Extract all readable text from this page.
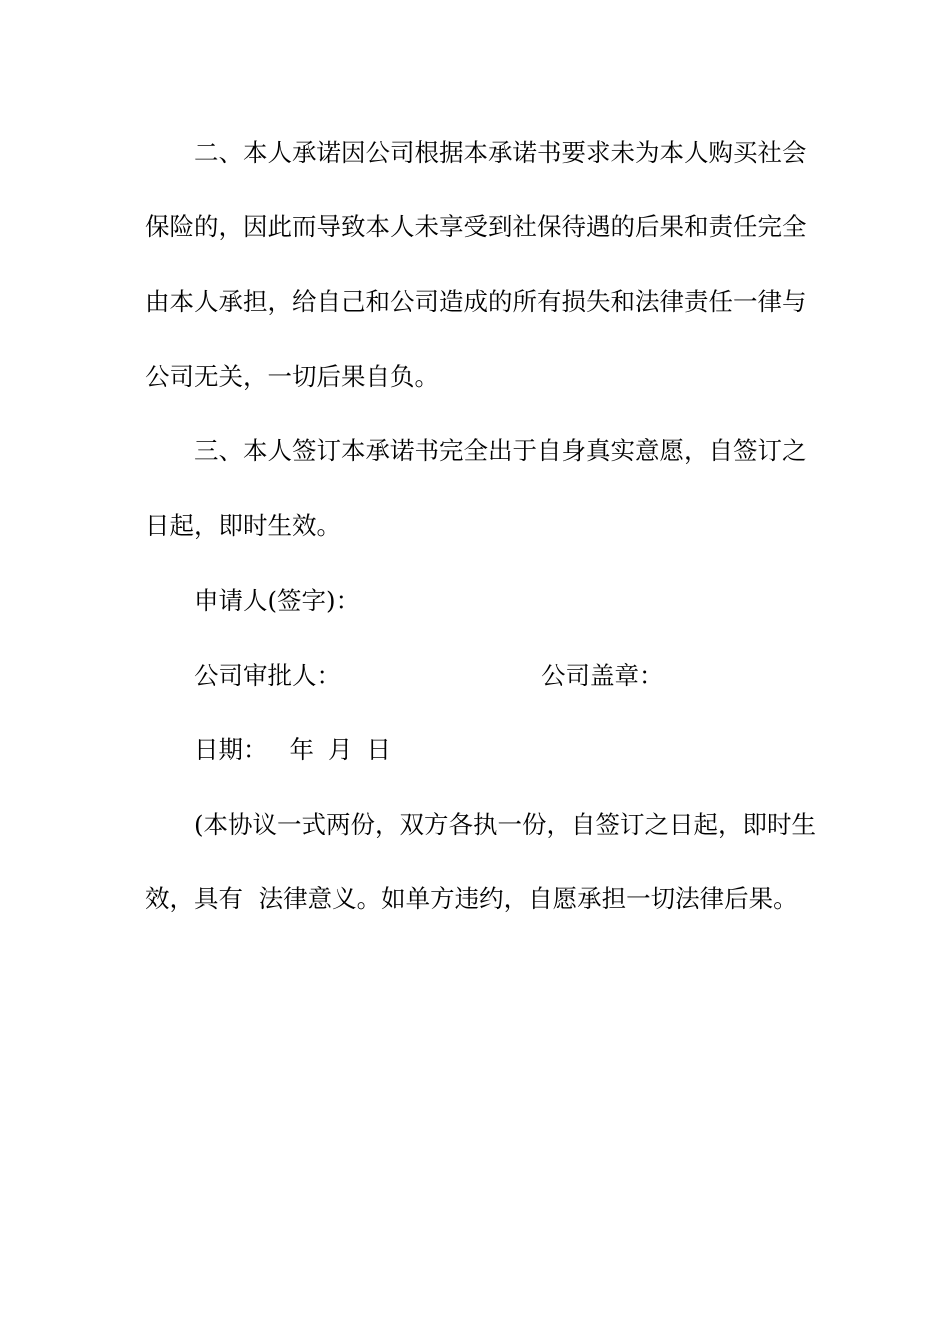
二、本人承诺因公司根据本承诺书要求未为本人购买社会
保险的，因此而导致本人未享受到社保待遇的后果和责任完全
由本人承担，给自己和公司造成的所有损失和法律责任一律与
公司无关，一切后果自负。
三、本人签订本承诺书完全出于自身真实意愿，自签订之
日起，即时生效。
申请人(签字)：
公司审批人：	公司盖章：
日期： 年 月 日
(本协议一式两份，双方各执一份，自签订之日起，即时生
效，具有  法律意义。如单方违约，自愿承担一切法律后果。
